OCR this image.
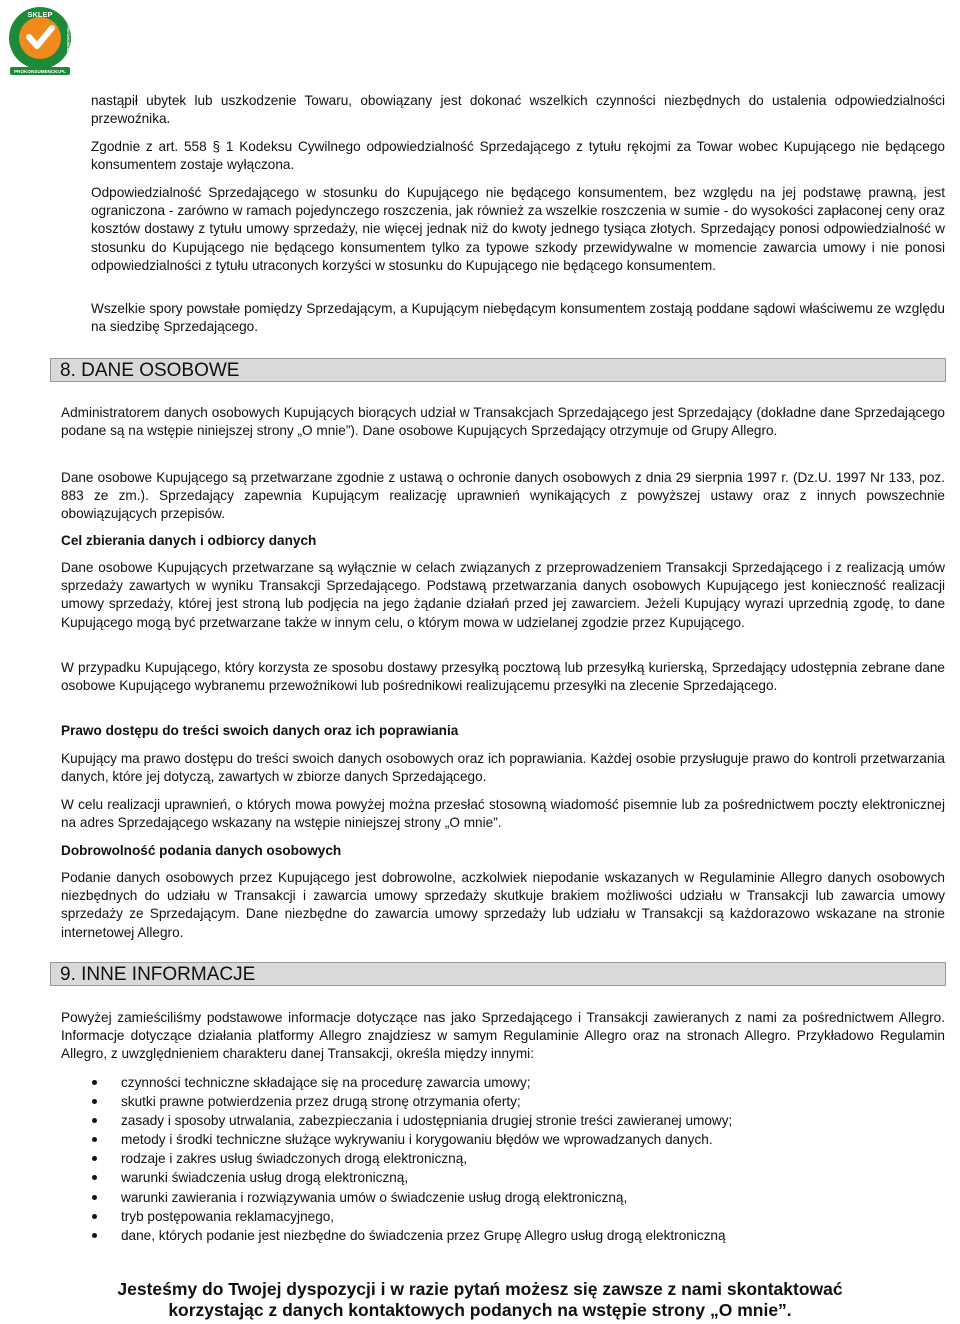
SKLEP
PROKONSUMENCKI
PROKONSUMENCKI.PL

nastąpił ubytek lub uszkodzenie Towaru, obowiązany jest dokonać wszelkich czynności niezbędnych do ustalenia odpowiedzialności przewoźnika.

Zgodnie z art. 558 § 1 Kodeksu Cywilnego odpowiedzialność Sprzedającego z tytułu rękojmi za Towar wobec Kupującego nie będącego konsumentem zostaje wyłączona.

Odpowiedzialność Sprzedającego w stosunku do Kupującego nie będącego konsumentem, bez względu na jej podstawę prawną, jest ograniczona - zarówno w ramach pojedynczego roszczenia, jak również za wszelkie roszczenia w sumie - do wysokości zapłaconej ceny oraz kosztów dostawy z tytułu umowy sprzedaży, nie więcej jednak niż do kwoty jednego tysiąca złotych. Sprzedający ponosi odpowiedzialność w stosunku do Kupującego nie będącego konsumentem tylko za typowe szkody przewidywalne w momencie zawarcia umowy i nie ponosi odpowiedzialności z tytułu utraconych korzyści w stosunku do Kupującego nie będącego konsumentem.

Wszelkie spory powstałe pomiędzy Sprzedającym, a Kupującym niebędącym konsumentem zostają poddane sądowi właściwemu ze względu na siedzibę Sprzedającego.

8. DANE OSOBOWE

Administratorem danych osobowych Kupujących biorących udział w Transakcjach Sprzedającego jest Sprzedający (dokładne dane Sprzedającego podane są na wstępie niniejszej strony „O mnie”). Dane osobowe Kupujących Sprzedający otrzymuje od Grupy Allegro.

Dane osobowe Kupującego są przetwarzane zgodnie z ustawą o ochronie danych osobowych z dnia 29 sierpnia 1997 r. (Dz.U. 1997 Nr 133, poz. 883 ze zm.). Sprzedający zapewnia Kupującym realizację uprawnień wynikających z powyższej ustawy oraz z innych powszechnie obowiązujących przepisów.

Cel zbierania danych i odbiorcy danych

Dane osobowe Kupujących przetwarzane są wyłącznie w celach związanych z przeprowadzeniem Transakcji Sprzedającego i z realizacją umów sprzedaży zawartych w wyniku Transakcji Sprzedającego. Podstawą przetwarzania danych osobowych Kupującego jest konieczność realizacji umowy sprzedaży, której jest stroną lub podjęcia na jego żądanie działań przed jej zawarciem. Jeżeli Kupujący wyrazi uprzednią zgodę, to dane Kupującego mogą być przetwarzane także w innym celu, o którym mowa w udzielanej zgodzie przez Kupującego.

W przypadku Kupującego, który korzysta ze sposobu dostawy przesyłką pocztową lub przesyłką kurierską, Sprzedający udostępnia zebrane dane osobowe Kupującego wybranemu przewoźnikowi lub pośrednikowi realizującemu przesyłki na zlecenie Sprzedającego.

Prawo dostępu do treści swoich danych oraz ich poprawiania

Kupujący ma prawo dostępu do treści swoich danych osobowych oraz ich poprawiania. Każdej osobie przysługuje prawo do kontroli przetwarzania danych, które jej dotyczą, zawartych w zbiorze danych Sprzedającego.

W celu realizacji uprawnień, o których mowa powyżej można przesłać stosowną wiadomość pisemnie lub za pośrednictwem poczty elektronicznej na adres Sprzedającego wskazany na wstępie niniejszej strony „O mnie”.

Dobrowolność podania danych osobowych

Podanie danych osobowych przez Kupującego jest dobrowolne, aczkolwiek niepodanie wskazanych w Regulaminie Allegro danych osobowych niezbędnych do udziału w Transakcji i zawarcia umowy sprzedaży skutkuje brakiem możliwości udziału w Transakcji lub zawarcia umowy sprzedaży ze Sprzedającym. Dane niezbędne do zawarcia umowy sprzedaży lub udziału w Transakcji są każdorazowo wskazane na stronie internetowej Allegro.

9. INNE INFORMACJE

Powyżej zamieściliśmy podstawowe informacje dotyczące nas jako Sprzedającego i Transakcji zawieranych z nami za pośrednictwem Allegro. Informacje dotyczące działania platformy Allegro znajdziesz w samym Regulaminie Allegro oraz na stronach Allegro. Przykładowo Regulamin Allegro, z uwzględnieniem charakteru danej Transakcji, określa między innymi:

czynności techniczne składające się na procedurę zawarcia umowy;
skutki prawne potwierdzenia przez drugą stronę otrzymania oferty;
zasady i sposoby utrwalania, zabezpieczania i udostępniania drugiej stronie treści zawieranej umowy;
metody i środki techniczne służące wykrywaniu i korygowaniu błędów we wprowadzanych danych.
rodzaje i zakres usług świadczonych drogą elektroniczną,
warunki świadczenia usług drogą elektroniczną,
warunki zawierania i rozwiązywania umów o świadczenie usług drogą elektroniczną,
tryb postępowania reklamacyjnego,
dane, których podanie jest niezbędne do świadczenia przez Grupę Allegro usług drogą elektroniczną
Jesteśmy do Twojej dyspozycji i w razie pytań możesz się zawsze z nami skontaktować
korzystając z danych kontaktowych podanych na wstępie strony „O mnie”.
